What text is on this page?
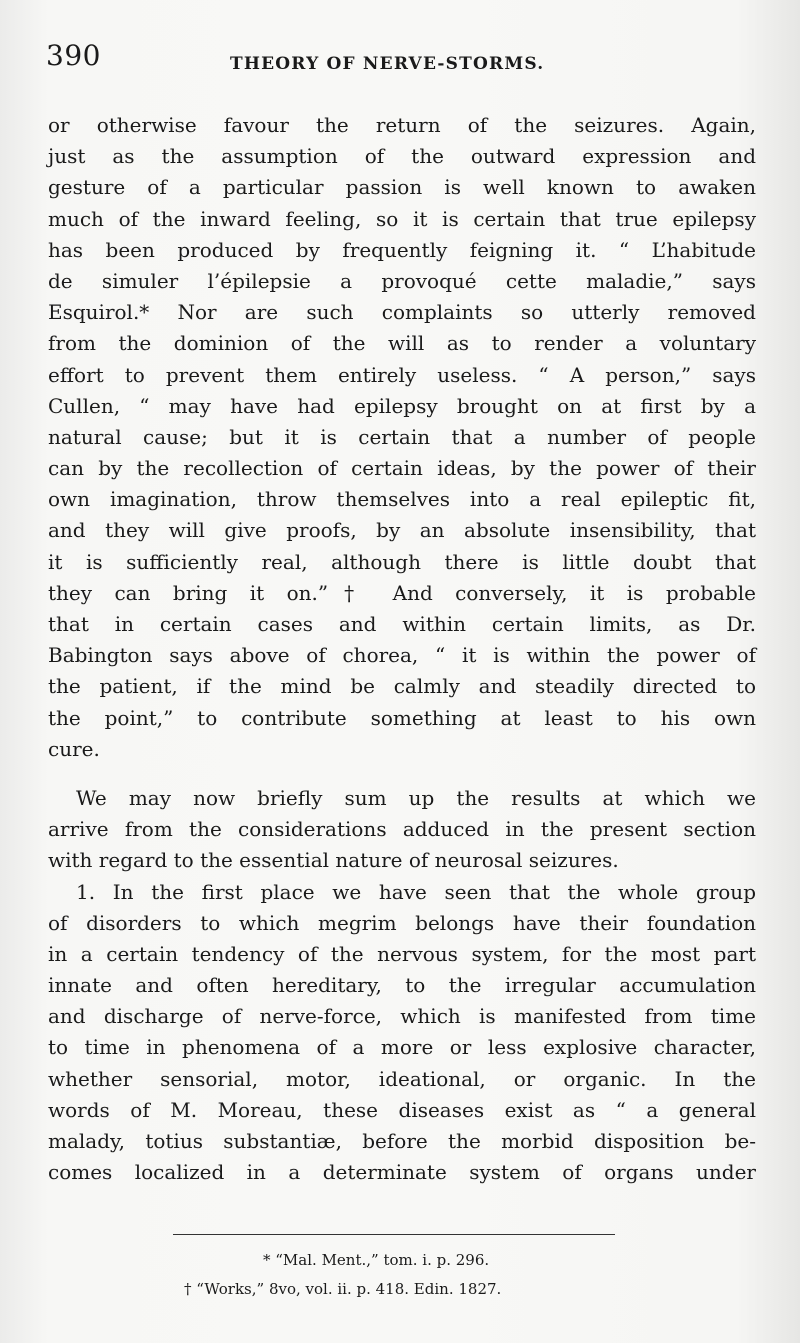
390	THEORY OF NERVE-STORMS.
or otherwise favour the return of the seizures. Again,
just as the assumption of the outward expression and
gesture of a particular passion is well known to awaken
much of the inward feeling, so it is certain that true epilepsy
has been produced by frequently feigning it. “ L’habitude
de simuler l’épilepsie a provoqué cette maladie,” says
Esquirol.* Nor are such complaints so utterly removed
from the dominion of the will as to render a voluntary
effort to prevent them entirely useless. “ A person,” says
Cullen, “ may have had epilepsy brought on at first by a
natural cause; but it is certain that a number of people
can by the recollection of certain ideas, by the power of their
own imagination, throw themselves into a real epileptic fit,
and they will give proofs, by an absolute insensibility, that
it is sufficiently real, although there is little doubt that
they can bring it on.”† And conversely, it is probable
that in certain cases and within certain limits, as Dr.
Babington says above of chorea, “ it is within the power of
the patient, if the mind be calmly and steadily directed to
the point,” to contribute something at least to his own
cure.
We may now briefly sum up the results at which we
arrive from the considerations adduced in the present section
with regard to the essential nature of neurosal seizures.
1. In the first place we have seen that the whole group
of disorders to which megrim belongs have their foundation
in a certain tendency of the nervous system, for the most part
innate and often hereditary, to the irregular accumulation
and discharge of nerve-force, which is manifested from time
to time in phenomena of a more or less explosive character,
whether sensorial, motor, ideational, or organic. In the
words of M. Moreau, these diseases exist as “ a general
malady, totius substantiæ, before the morbid disposition be-
comes localized in a determinate system of organs under
* “Mal. Ment.,” tom. i. p. 296.
† “Works,” 8vo, vol. ii. p. 418. Edin. 1827.
